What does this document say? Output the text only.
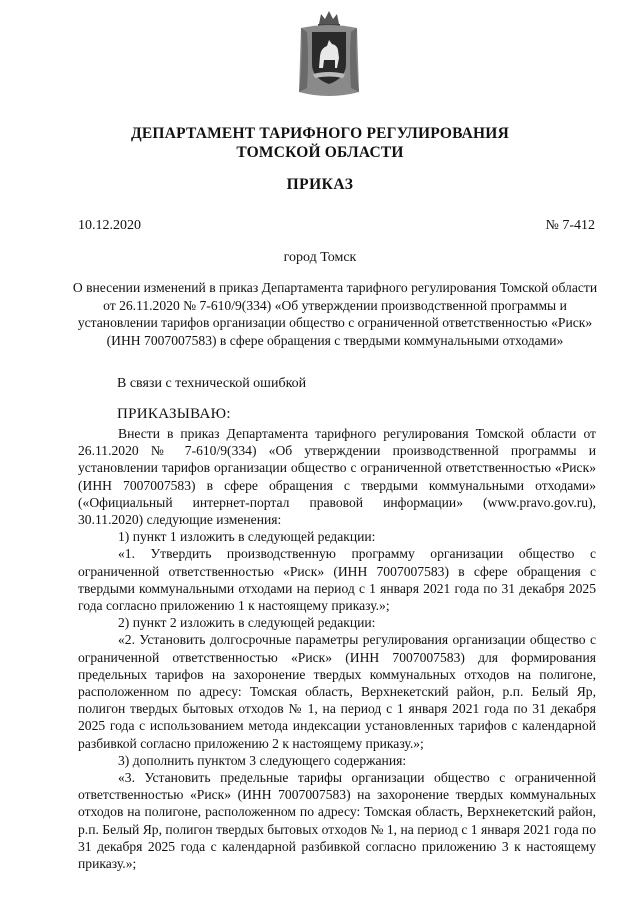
ДЕПАРТАМЕНТ ТАРИФНОГО РЕГУЛИРОВАНИЯ
ТОМСКОЙ ОБЛАСТИ
ПРИКАЗ
10.12.2020	№ 7-412
город Томск
О внесении изменений в приказ Департамента тарифного регулирования Томской области от 26.11.2020 № 7-610/9(334) «Об утверждении производственной программы и установлении тарифов организации общество с ограниченной ответственностью «Риск» (ИНН 7007007583) в сфере обращения с твердыми коммунальными отходами»
В связи с технической ошибкой
ПРИКАЗЫВАЮ:

Внести в приказ Департамента тарифного регулирования Томской области от 26.11.2020 № 7-610/9(334) «Об утверждении производственной программы и установлении тарифов организации общество с ограниченной ответственностью «Риск» (ИНН 7007007583) в сфере обращения с твердыми коммунальными отходами» («Официальный интернет-портал правовой информации» (www.pravo.gov.ru), 30.11.2020) следующие изменения:

1) пункт 1 изложить в следующей редакции:

«1. Утвердить производственную программу организации общество с ограниченной ответственностью «Риск» (ИНН 7007007583) в сфере обращения с твердыми коммунальными отходами на период с 1 января 2021 года по 31 декабря 2025 года согласно приложению 1 к настоящему приказу.»;

2) пункт 2 изложить в следующей редакции:

«2. Установить долгосрочные параметры регулирования организации общество с ограниченной ответственностью «Риск» (ИНН 7007007583) для формирования предельных тарифов на захоронение твердых коммунальных отходов на полигоне, расположенном по адресу: Томская область, Верхнекетский район, р.п. Белый Яр, полигон твердых бытовых отходов № 1, на период с 1 января 2021 года по 31 декабря 2025 года с использованием метода индексации установленных тарифов с календарной разбивкой согласно приложению 2 к настоящему приказу.»;

3) дополнить пунктом 3 следующего содержания:

«3. Установить предельные тарифы организации общество с ограниченной ответственностью «Риск» (ИНН 7007007583) на захоронение твердых коммунальных отходов на полигоне, расположенном по адресу: Томская область, Верхнекетский район, р.п. Белый Яр, полигон твердых бытовых отходов № 1, на период с 1 января 2021 года по 31 декабря 2025 года с календарной разбивкой согласно приложению 3 к настоящему приказу.»;
